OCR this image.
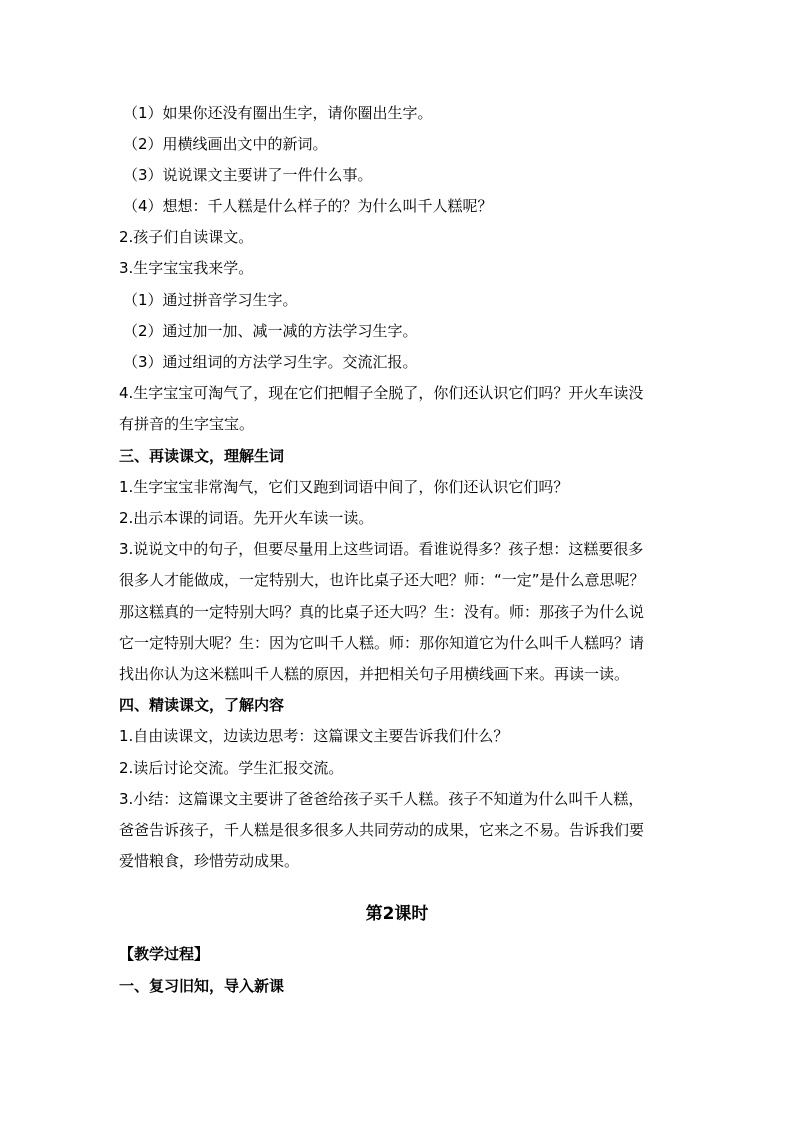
（1）如果你还没有圈出生字，请你圈出生字。
（2）用横线画出文中的新词。
（3）说说课文主要讲了一件什么事。
（4）想想：千人糕是什么样子的？为什么叫千人糕呢？
2.孩子们自读课文。
3.生字宝宝我来学。
（1）通过拼音学习生字。
（2）通过加一加、减一减的方法学习生字。
（3）通过组词的方法学习生字。交流汇报。
4.生字宝宝可淘气了，现在它们把帽子全脱了，你们还认识它们吗？开火车读没
有拼音的生字宝宝。
三、再读课文，理解生词
1.生字宝宝非常淘气，它们又跑到词语中间了，你们还认识它们吗？
2.出示本课的词语。先开火车读一读。
3.说说文中的句子，但要尽量用上这些词语。看谁说得多？孩子想：这糕要很多
很多人才能做成，一定特别大，也许比桌子还大吧？师：“一定”是什么意思呢？
那这糕真的一定特别大吗？真的比桌子还大吗？生：没有。师：那孩子为什么说
它一定特别大呢？生：因为它叫千人糕。师：那你知道它为什么叫千人糕吗？请
找出你认为这米糕叫千人糕的原因，并把相关句子用横线画下来。再读一读。
四、精读课文，了解内容
1.自由读课文，边读边思考：这篇课文主要告诉我们什么？
2.读后讨论交流。学生汇报交流。
3.小结：这篇课文主要讲了爸爸给孩子买千人糕。孩子不知道为什么叫千人糕，
爸爸告诉孩子，千人糕是很多很多人共同劳动的成果，它来之不易。告诉我们要
爱惜粮食，珍惜劳动成果。
第2课时
【教学过程】
一、复习旧知，导入新课
